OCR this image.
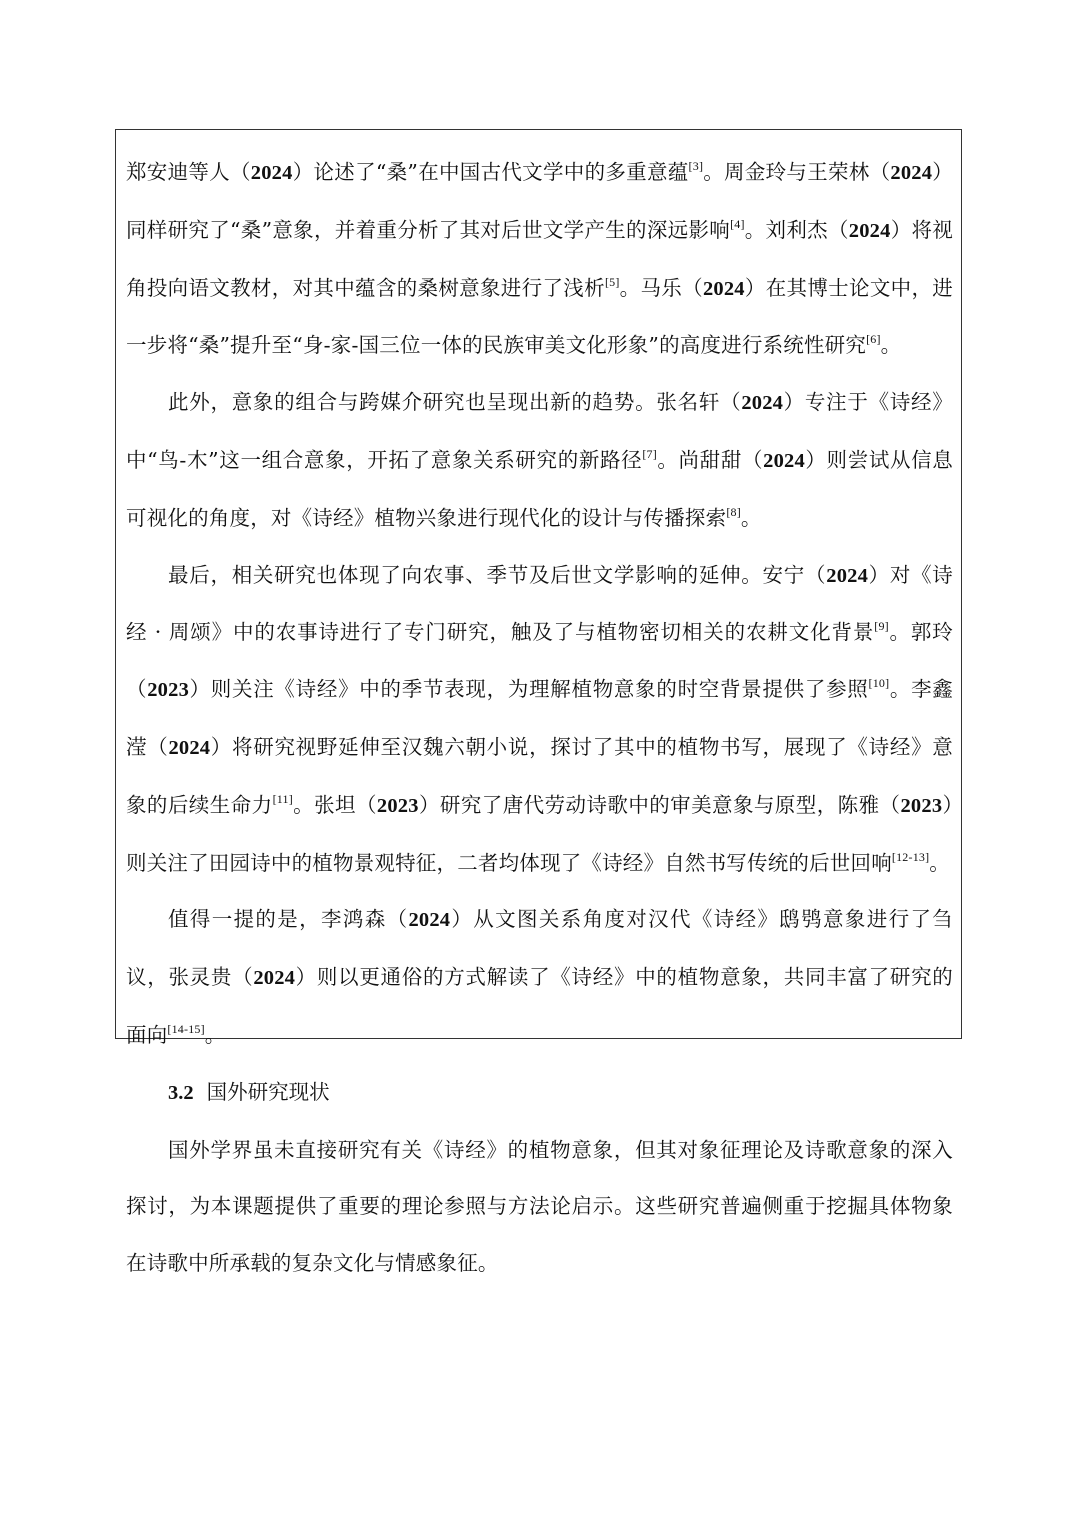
郑安迪等人（2024）论述了“桑”在中国古代文学中的多重意蕴[3]。周金玲与王荣林（2024）同样研究了“桑”意象，并着重分析了其对后世文学产生的深远影响[4]。刘利杰（2024）将视角投向语文教材，对其中蕴含的桑树意象进行了浅析[5]。马乐（2024）在其博士论文中，进一步将“桑”提升至“身-家-国三位一体的民族审美文化形象”的高度进行系统性研究[6]。

此外，意象的组合与跨媒介研究也呈现出新的趋势。张名轩（2024）专注于《诗经》中“鸟-木”这一组合意象，开拓了意象关系研究的新路径[7]。尚甜甜（2024）则尝试从信息可视化的角度，对《诗经》植物兴象进行现代化的设计与传播探索[8]。

最后，相关研究也体现了向农事、季节及后世文学影响的延伸。安宁（2024）对《诗经 · 周颂》中的农事诗进行了专门研究，触及了与植物密切相关的农耕文化背景[9]。郭玲（2023）则关注《诗经》中的季节表现，为理解植物意象的时空背景提供了参照[10]。李鑫滢（2024）将研究视野延伸至汉魏六朝小说，探讨了其中的植物书写，展现了《诗经》意象的后续生命力[11]。张坦（2023）研究了唐代劳动诗歌中的审美意象与原型，陈雅（2023）则关注了田园诗中的植物景观特征，二者均体现了《诗经》自然书写传统的后世回响[12-13]。

值得一提的是，李鸿森（2024）从文图关系角度对汉代《诗经》鸱鸮意象进行了刍议，张灵贵（2024）则以更通俗的方式解读了《诗经》中的植物意象，共同丰富了研究的面向[14-15]。

3.2 国外研究现状

国外学界虽未直接研究有关《诗经》的植物意象，但其对象征理论及诗歌意象的深入探讨，为本课题提供了重要的理论参照与方法论启示。这些研究普遍侧重于挖掘具体物象在诗歌中所承载的复杂文化与情感象征。
